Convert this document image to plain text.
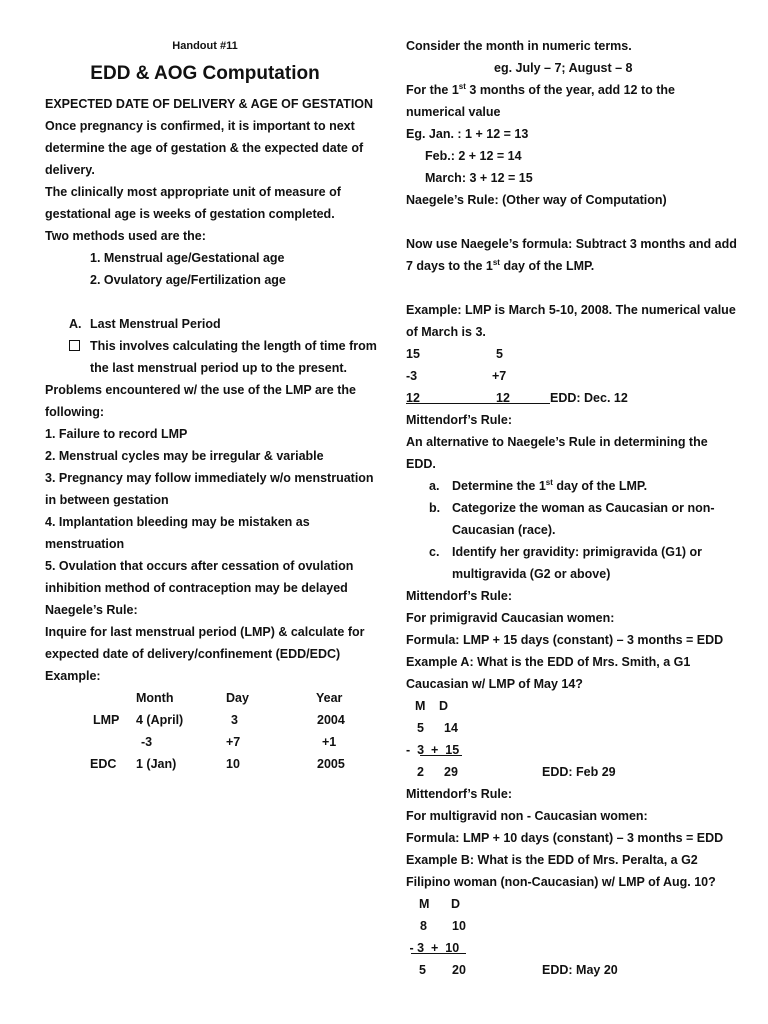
Handout #11
EDD & AOG Computation
EXPECTED DATE OF DELIVERY & AGE OF GESTATION
Once pregnancy is confirmed, it is important to next
determine the age of gestation & the expected date of
delivery.
The clinically most appropriate unit of measure of
gestational age is weeks of gestation completed.
Two methods used are the:
1. Menstrual age/Gestational age
2. Ovulatory age/Fertilization age
A. Last Menstrual Period
This involves calculating the length of time from
the last menstrual period up to the present.
Problems encountered w/ the use of the LMP are the
following:
1. Failure to record LMP
2. Menstrual cycles may be irregular & variable
3. Pregnancy may follow immediately w/o menstruation
in between gestation
4. Implantation bleeding may be mistaken as
menstruation
5. Ovulation that occurs after cessation of ovulation
inhibition method of contraception may be delayed
Naegele’s Rule:
Inquire for last menstrual period (LMP) & calculate for
expected date of delivery/confinement (EDD/EDC)
Example:
Month	Day	Year
LMP 4 (April)	3	2004
-3	+7	+1
EDC 1 (Jan)	10	2005
Consider the month in numeric terms.
eg. July – 7; August – 8
For the 1st 3 months of the year, add 12 to the
numerical value
Eg. Jan. : 1 + 12 = 13
Feb.: 2 + 12 = 14
March: 3 + 12 = 15
Naegele’s Rule: (Other way of Computation)
Now use Naegele’s formula: Subtract 3 months and add
7 days to the 1st day of the LMP.
Example: LMP is March 5-10, 2008. The numerical value
of March is 3.
15	5
-3	+7
12	12	EDD: Dec. 12
Mittendorf’s Rule:
An alternative to Naegele’s Rule in determining the
EDD.
a. Determine the 1st day of the LMP.
b. Categorize the woman as Caucasian or non-
Caucasian (race).
c. Identify her gravidity: primigravida (G1) or
multigravida (G2 or above)
Mittendorf’s Rule:
For primigravid Caucasian women:
Formula: LMP + 15 days (constant) – 3 months = EDD
Example A: What is the EDD of Mrs. Smith, a G1
Caucasian w/ LMP of May 14?
M D
5 14
-  3  +  15
2 29	EDD: Feb 29
Mittendorf’s Rule:
For multigravid non - Caucasian women:
Formula: LMP + 10 days (constant) – 3 months = EDD
Example B: What is the EDD of Mrs. Peralta, a G2
Filipino woman (non-Caucasian) w/ LMP of Aug. 10?
M D
8 10
- 3  +  10
5 20	EDD: May 20
